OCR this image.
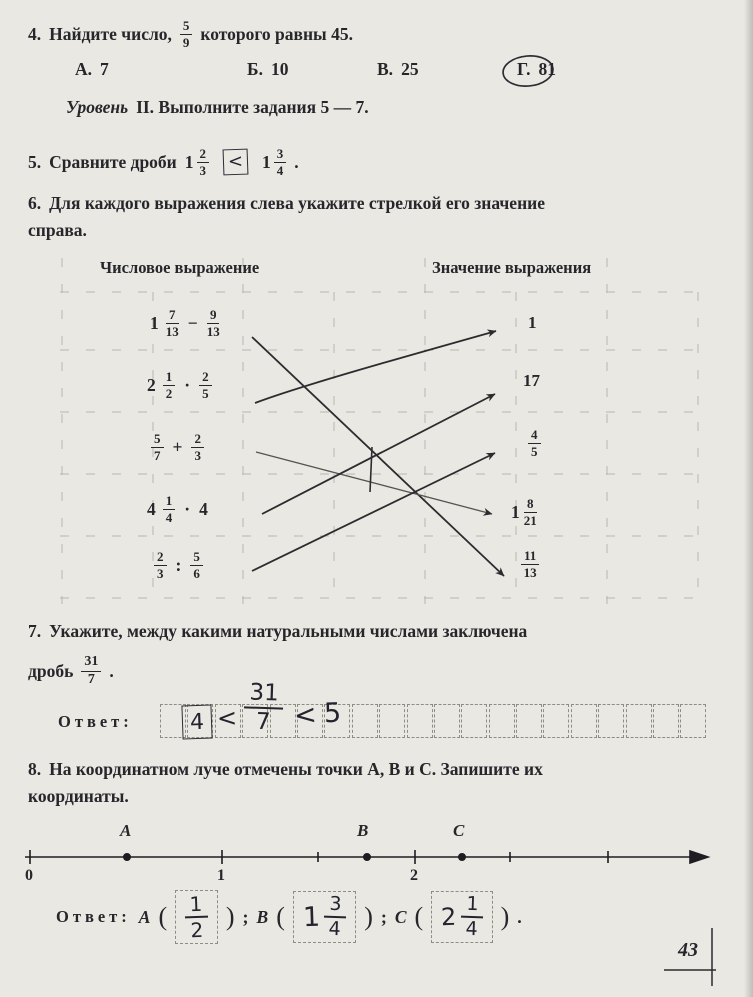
4. Найдите число, $\frac{5}{9}$ которого равны 45.
А. 7	Б. 10	В. 25	Г. 81
Уровень II. Выполните задания 5 — 7.
5. Сравните дроби $1 \frac{2}{3} < 1 \frac{3}{4}$ .
6. Для каждого выражения слева укажите стрелкой его значение
справа.
Числовое выражение	Значение выражения
$1 \frac{7}{13} - \frac{9}{13}$
$2 \frac{1}{2} \cdot \frac{2}{5}$
$\frac{5}{7} + \frac{2}{3}$
$4 \frac{1}{4} \cdot 4$
$\frac{2}{3}$ : $\frac{5}{6}$
1
17
$\frac{4}{5}$
$1 \frac{8}{21}$
$\frac{11}{13}$
7. Укажите, между какими натуральными числами заключена
дробь $\frac{31}{7}$ .
Ответ:	$4 < \frac{31}{7} < 5$
8. На координатном луче отмечены точки А, В и С. Запишите их
координаты.
А	В	С
0	1	2
Ответ: А ( $\frac{1}{2}$ ) ; В ( $1 \frac{3}{4}$ ) ; С ( $2 \frac{1}{4}$ ) .
43
